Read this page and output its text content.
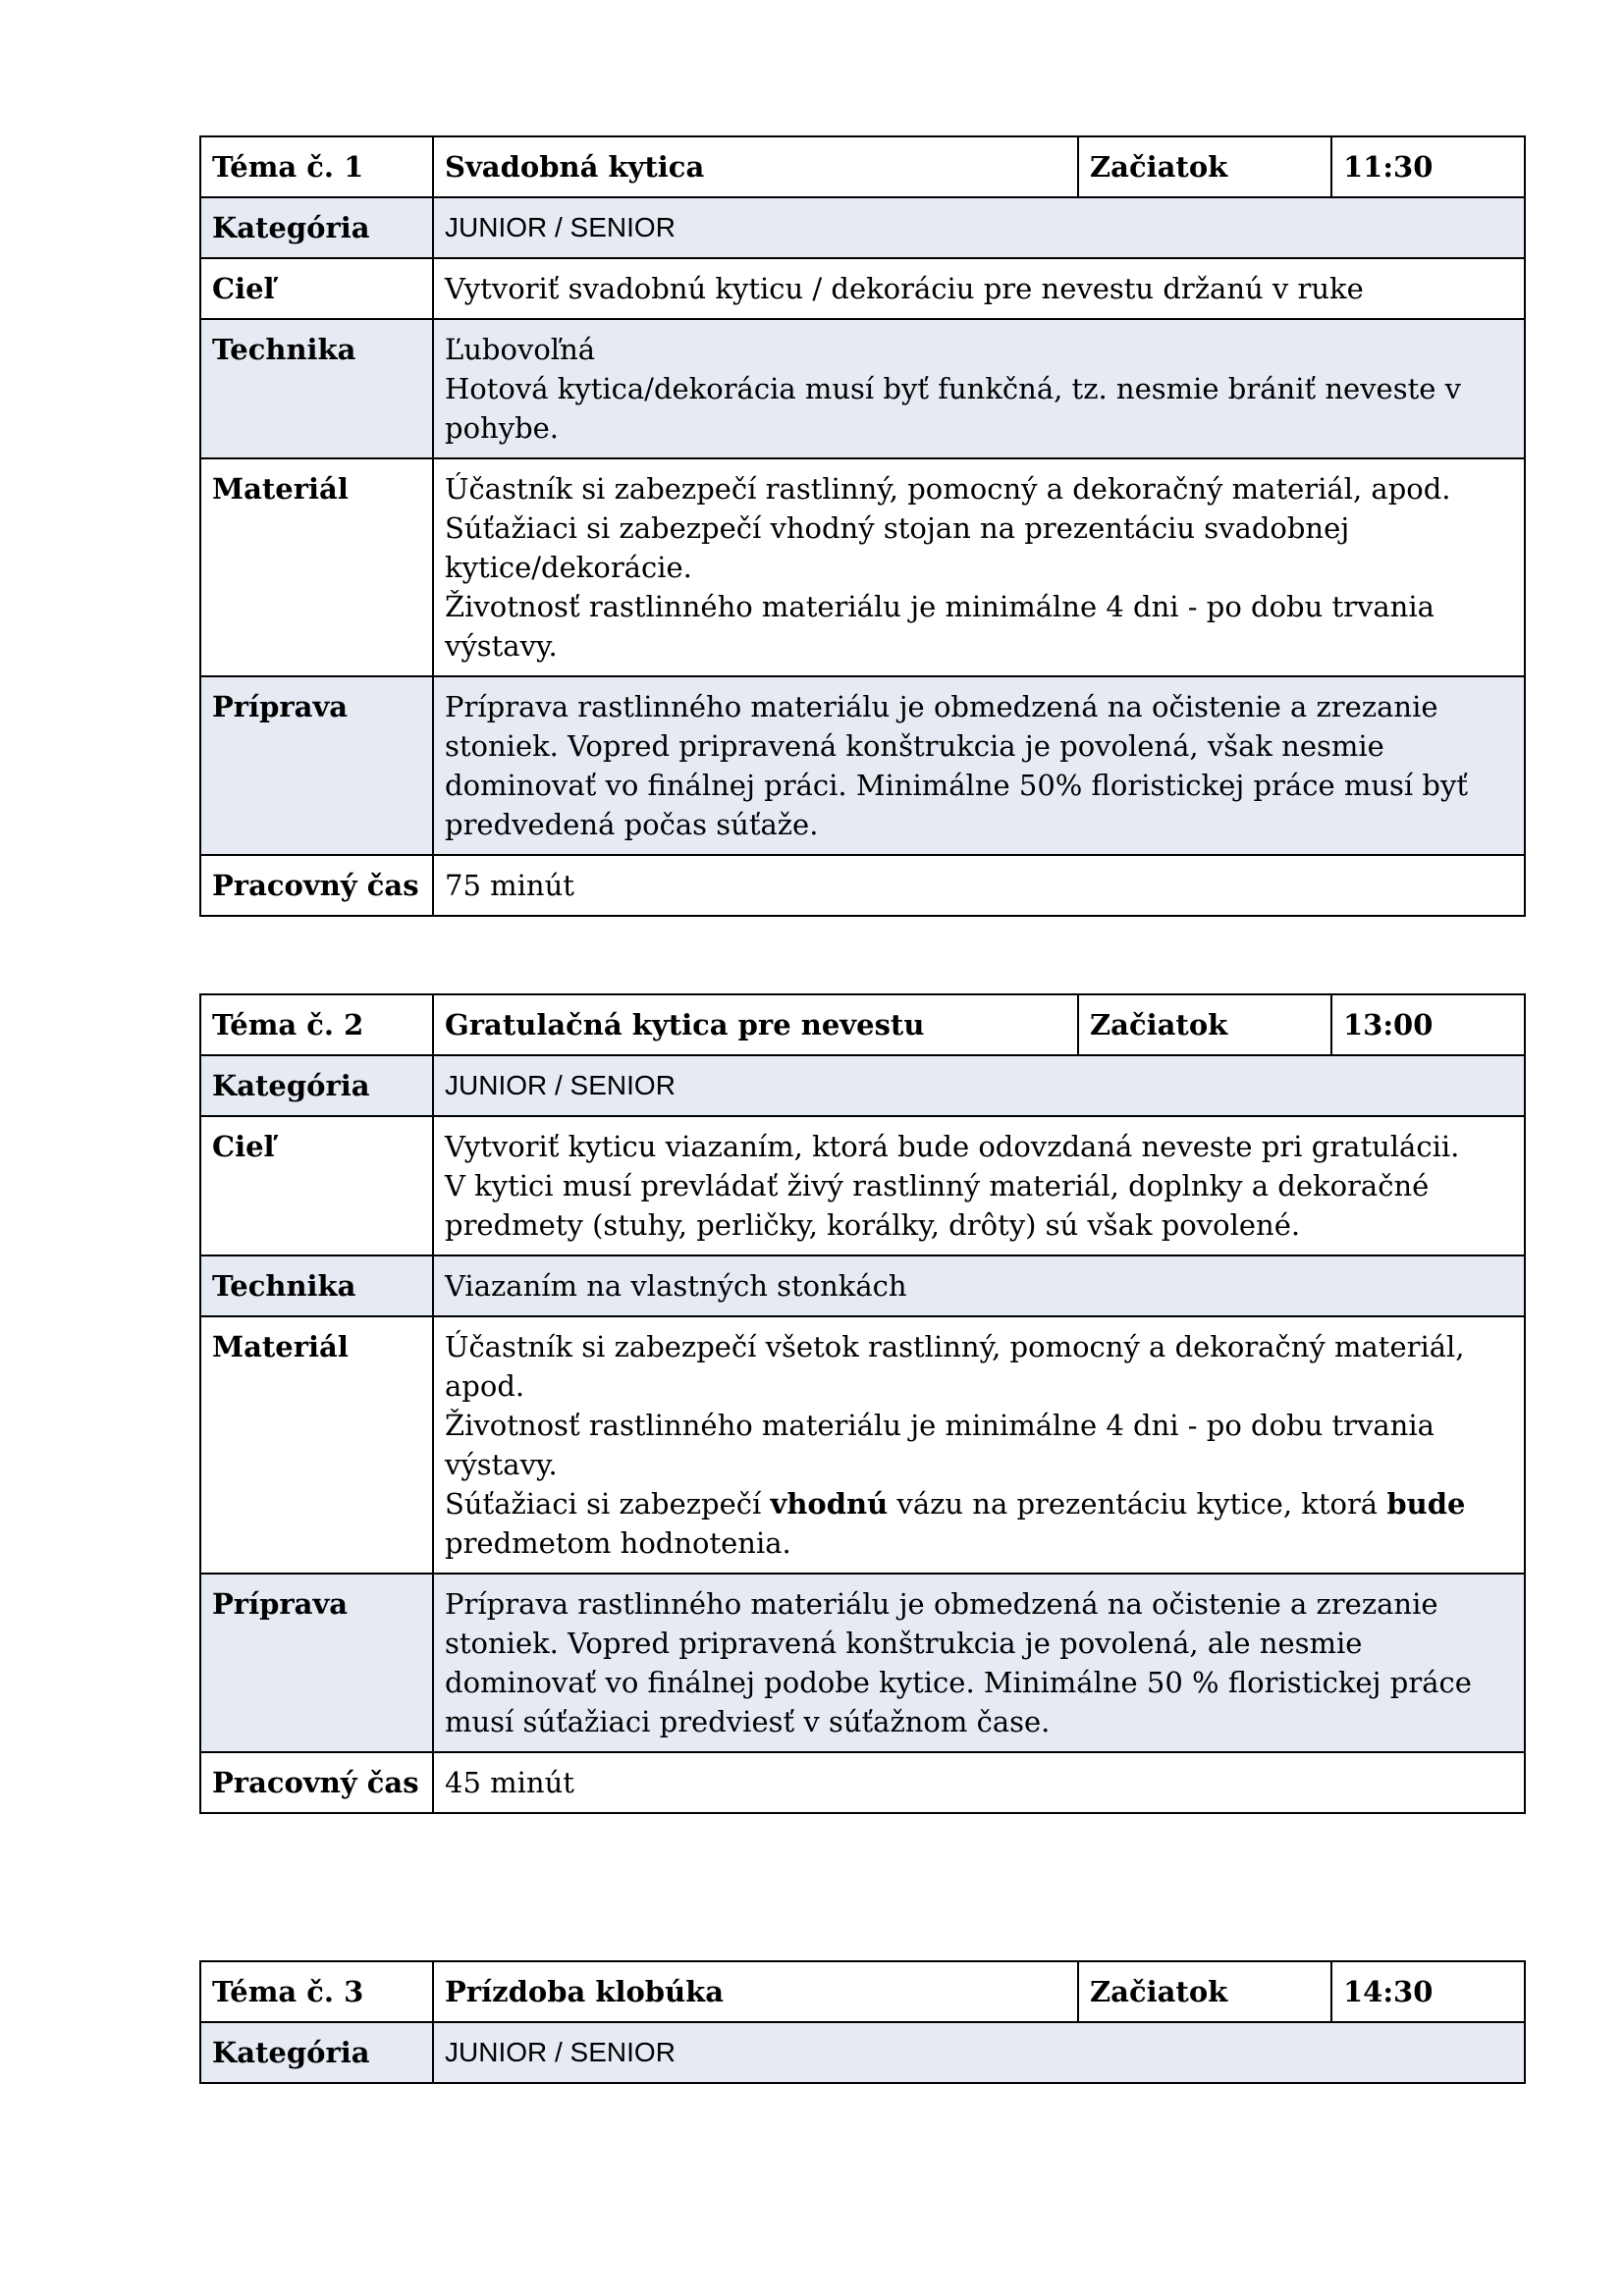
Téma č. 1	Svadobná kytica	Začiatok	11:30
Kategória	JUNIOR / SENIOR		
Cieľ	Vytvoriť svadobnú kyticu / dekoráciu pre nevestu držanú v ruke		

Technika	Ľubovoľná
Hotová kytica/dekorácia musí byť funkčná, tz. nesmie brániť neveste v pohybe.		

Materiál	Účastník si zabezpečí rastlinný, pomocný a dekoračný materiál, apod.
Súťažiaci si zabezpečí vhodný stojan na prezentáciu svadobnej kytice/dekorácie.
Životnosť rastlinného materiálu je minimálne 4 dni - po dobu trvania výstavy.		

Príprava	Príprava rastlinného materiálu je obmedzená na očistenie a zrezanie stoniek. Vopred pripravená konštrukcia je povolená, však nesmie dominovať vo finálnej práci. Minimálne 50% floristickej práce musí byť predvedená počas súťaže.		

Pracovný čas	75 minút		
Téma č. 2	Gratulačná kytica pre nevestu	Začiatok	13:00
Kategória	JUNIOR / SENIOR		
Cieľ	Vytvoriť kyticu viazaním, ktorá bude odovzdaná neveste pri gratulácii.
V kytici musí prevládať živý rastlinný materiál, doplnky a dekoračné predmety (stuhy, perličky, korálky, drôty) sú však povolené.		

Technika	Viazaním na vlastných stonkách		

Materiál	Účastník si zabezpečí všetok rastlinný, pomocný a dekoračný materiál, apod.
Životnosť rastlinného materiálu je minimálne 4 dni - po dobu trvania výstavy.
Súťažiaci si zabezpečí vhodnú vázu na prezentáciu kytice, ktorá bude predmetom hodnotenia.		

Príprava	Príprava rastlinného materiálu je obmedzená na očistenie a zrezanie stoniek. Vopred pripravená konštrukcia je povolená, ale nesmie dominovať vo finálnej podobe kytice. Minimálne 50 % floristickej práce musí súťažiaci predviesť v súťažnom čase.		

Pracovný čas	45 minút		
Téma č. 3	Prízdoba klobúka	Začiatok	14:30
Kategória	JUNIOR / SENIOR		
